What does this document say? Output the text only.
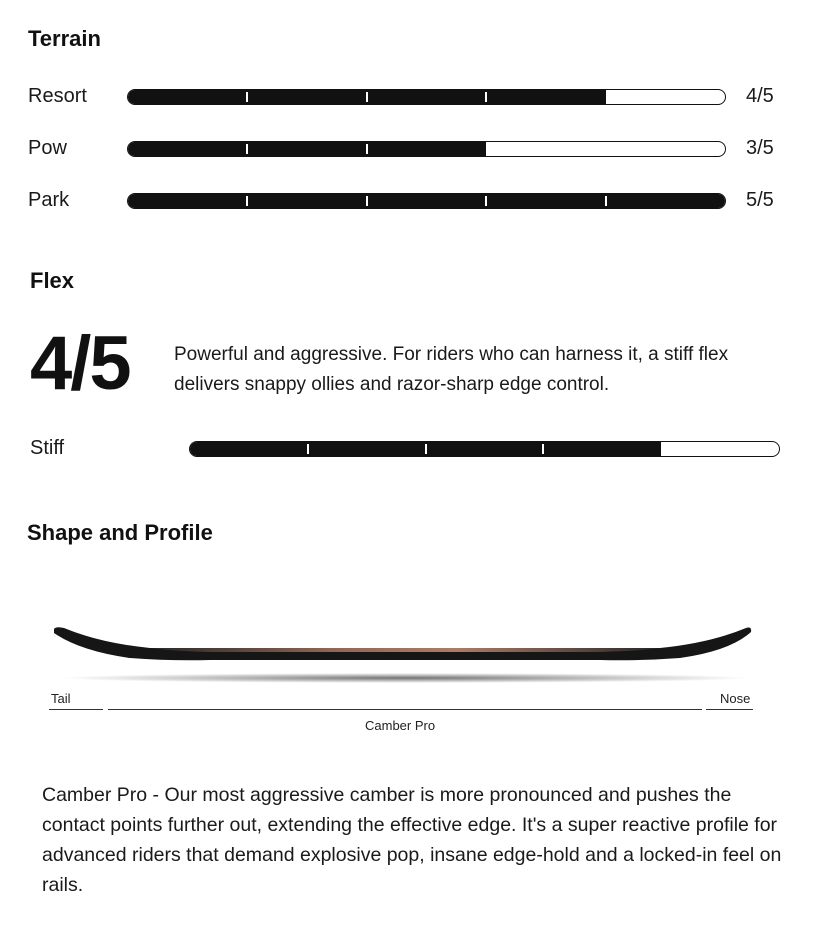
Terrain
Resort	4/5
Pow	3/5
Park	5/5
Flex
4/5 Powerful and aggressive. For riders who can harness it, a stiff flex delivers snappy ollies and razor-sharp edge control.
Stiff
Shape and Profile
Tail	Nose
Camber Pro
Camber Pro - Our most aggressive camber is more pronounced and pushes the contact points further out, extending the effective edge. It's a super reactive profile for advanced riders that demand explosive pop, insane edge-hold and a locked-in feel on rails.
